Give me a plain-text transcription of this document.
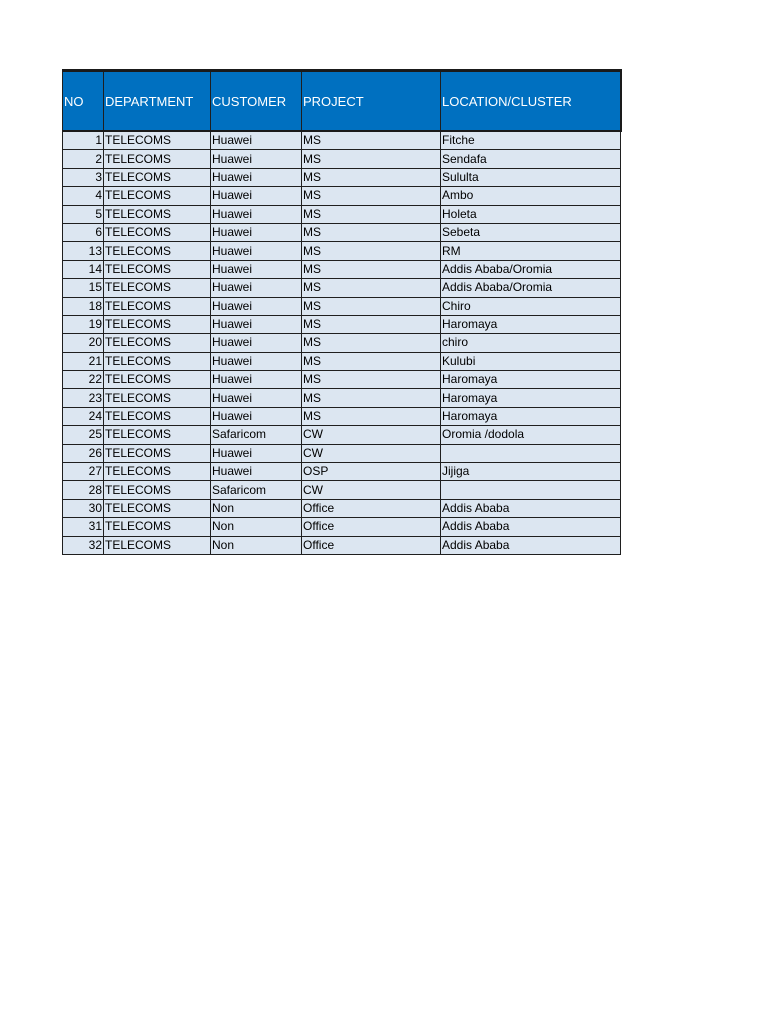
NO	DEPARTMENT	CUSTOMER	PROJECT	LOCATION/CLUSTER
1	TELECOMS	Huawei	MS	Fitche
2	TELECOMS	Huawei	MS	Sendafa
3	TELECOMS	Huawei	MS	Sululta
4	TELECOMS	Huawei	MS	Ambo
5	TELECOMS	Huawei	MS	Holeta
6	TELECOMS	Huawei	MS	Sebeta
13	TELECOMS	Huawei	MS	RM
14	TELECOMS	Huawei	MS	Addis Ababa/Oromia
15	TELECOMS	Huawei	MS	Addis Ababa/Oromia
18	TELECOMS	Huawei	MS	Chiro
19	TELECOMS	Huawei	MS	Haromaya
20	TELECOMS	Huawei	MS	chiro
21	TELECOMS	Huawei	MS	Kulubi
22	TELECOMS	Huawei	MS	Haromaya
23	TELECOMS	Huawei	MS	Haromaya
24	TELECOMS	Huawei	MS	Haromaya
25	TELECOMS	Safaricom	CW	Oromia /dodola
26	TELECOMS	Huawei	CW	
27	TELECOMS	Huawei	OSP	Jijiga
28	TELECOMS	Safaricom	CW	
30	TELECOMS	Non	Office	Addis Ababa
31	TELECOMS	Non	Office	Addis Ababa
32	TELECOMS	Non	Office	Addis Ababa
